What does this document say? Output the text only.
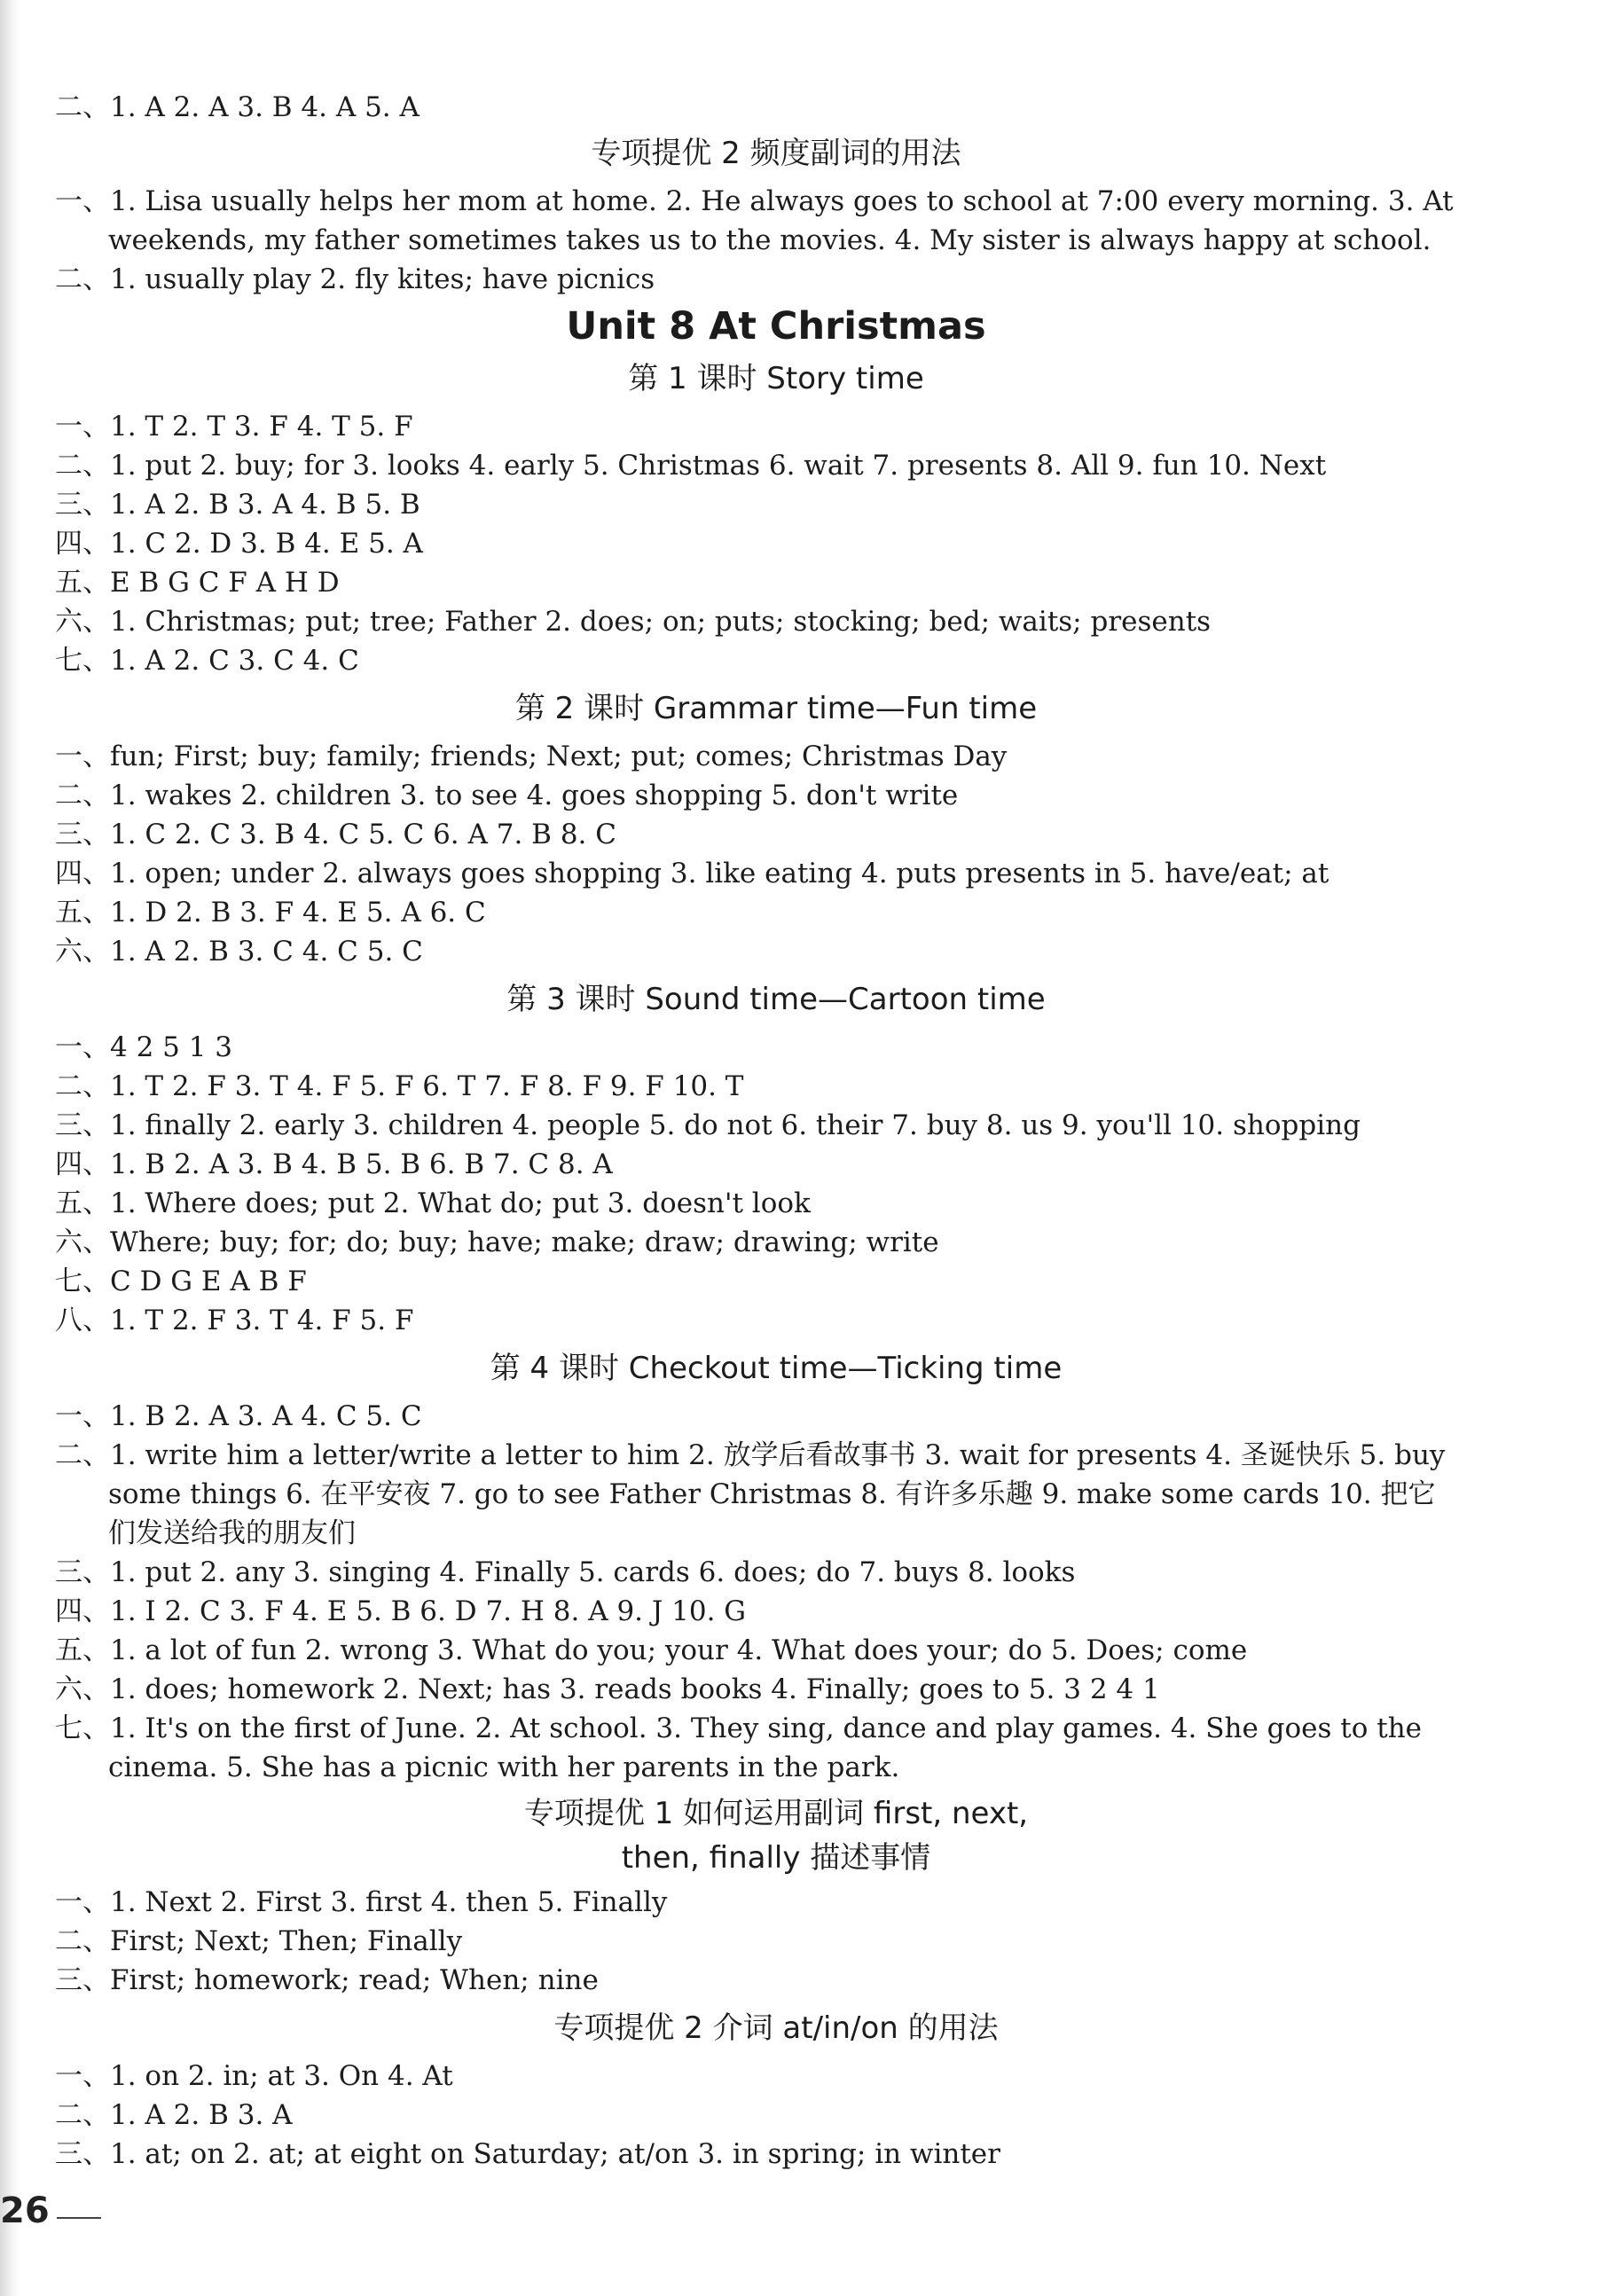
二、1. A 2. A 3. B 4. A 5. A
专项提优 2 频度副词的用法
一、1. Lisa usually helps her mom at home. 2. He always goes to school at 7:00 every morning. 3. At
weekends, my father sometimes takes us to the movies. 4. My sister is always happy at school.
二、1. usually play 2. fly kites; have picnics
Unit 8 At Christmas
第 1 课时 Story time
一、1. T 2. T 3. F 4. T 5. F
二、1. put 2. buy; for 3. looks 4. early 5. Christmas 6. wait 7. presents 8. All 9. fun 10. Next
三、1. A 2. B 3. A 4. B 5. B
四、1. C 2. D 3. B 4. E 5. A
五、E B G C F A H D
六、1. Christmas; put; tree; Father 2. does; on; puts; stocking; bed; waits; presents
七、1. A 2. C 3. C 4. C
第 2 课时 Grammar time—Fun time
一、fun; First; buy; family; friends; Next; put; comes; Christmas Day
二、1. wakes 2. children 3. to see 4. goes shopping 5. don't write
三、1. C 2. C 3. B 4. C 5. C 6. A 7. B 8. C
四、1. open; under 2. always goes shopping 3. like eating 4. puts presents in 5. have/eat; at
五、1. D 2. B 3. F 4. E 5. A 6. C
六、1. A 2. B 3. C 4. C 5. C
第 3 课时 Sound time—Cartoon time
一、4 2 5 1 3
二、1. T 2. F 3. T 4. F 5. F 6. T 7. F 8. F 9. F 10. T
三、1. finally 2. early 3. children 4. people 5. do not 6. their 7. buy 8. us 9. you'll 10. shopping
四、1. B 2. A 3. B 4. B 5. B 6. B 7. C 8. A
五、1. Where does; put 2. What do; put 3. doesn't look
六、Where; buy; for; do; buy; have; make; draw; drawing; write
七、C D G E A B F
八、1. T 2. F 3. T 4. F 5. F
第 4 课时 Checkout time—Ticking time
一、1. B 2. A 3. A 4. C 5. C
二、1. write him a letter/write a letter to him 2. 放学后看故事书 3. wait for presents 4. 圣诞快乐 5. buy
some things 6. 在平安夜 7. go to see Father Christmas 8. 有许多乐趣 9. make some cards 10. 把它
们发送给我的朋友们
三、1. put 2. any 3. singing 4. Finally 5. cards 6. does; do 7. buys 8. looks
四、1. I 2. C 3. F 4. E 5. B 6. D 7. H 8. A 9. J 10. G
五、1. a lot of fun 2. wrong 3. What do you; your 4. What does your; do 5. Does; come
六、1. does; homework 2. Next; has 3. reads books 4. Finally; goes to 5. 3 2 4 1
七、1. It's on the first of June. 2. At school. 3. They sing, dance and play games. 4. She goes to the
cinema. 5. She has a picnic with her parents in the park.
专项提优 1 如何运用副词 first, next,
then, finally 描述事情
一、1. Next 2. First 3. first 4. then 5. Finally
二、First; Next; Then; Finally
三、First; homework; read; When; nine
专项提优 2 介词 at/in/on 的用法
一、1. on 2. in; at 3. On 4. At
二、1. A 2. B 3. A
三、1. at; on 2. at; at eight on Saturday; at/on 3. in spring; in winter
26
